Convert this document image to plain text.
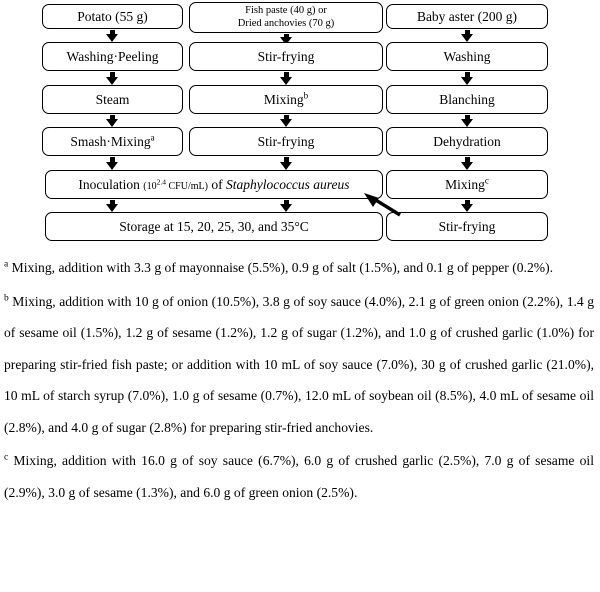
Potato (55 g)
Washing·Peeling
Steam
Smash·Mixing$^a$
Fish paste (40 g) or
Dried anchovies (70 g)
Stir-frying
Mixing$^b$
Stir-frying
Baby aster (200 g)
Washing
Blanching
Dehydration
Mixing$^c$
Stir-frying
Inoculation ($10^{2.4}$ CFU/mL) of Staphylococcus aureus
Storage at 15, 20, 25, 30, and 35°C

$^a$ Mixing, addition with 3.3 g of mayonnaise (5.5%), 0.9 g of salt (1.5%), and 0.1 g of pepper (0.2%).

$^b$ Mixing, addition with 10 g of onion (10.5%), 3.8 g of soy sauce (4.0%), 2.1 g of green onion (2.2%), 1.4 g of sesame oil (1.5%), 1.2 g of sesame (1.2%), 1.2 g of sugar (1.2%), and 1.0 g of crushed garlic (1.0%) for preparing stir-fried fish paste; or addition with 10 mL of soy sauce (7.0%), 30 g of crushed garlic (21.0%), 10 mL of starch syrup (7.0%), 1.0 g of sesame (0.7%), 12.0 mL of soybean oil (8.5%), 4.0 mL of sesame oil (2.8%), and 4.0 g of sugar (2.8%) for preparing stir-fried anchovies.

$^c$ Mixing, addition with 16.0 g of soy sauce (6.7%), 6.0 g of crushed garlic (2.5%), 7.0 g of sesame oil (2.9%), 3.0 g of sesame (1.3%), and 6.0 g of green onion (2.5%).
